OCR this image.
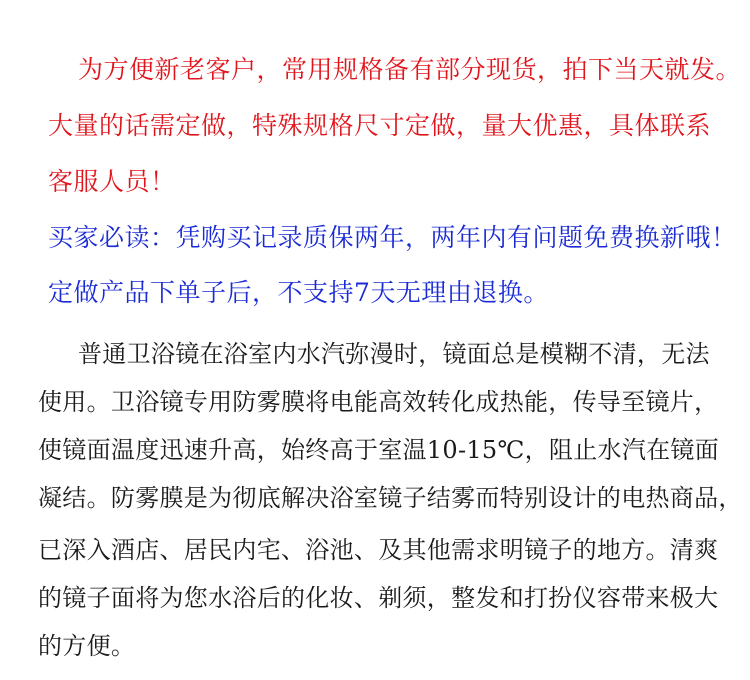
为方便新老客户，常用规格备有部分现货，拍下当天就发。
大量的话需定做，特殊规格尺寸定做，量大优惠，具体联系
客服人员！
买家必读：凭购买记录质保两年，两年内有问题免费换新哦！
定做产品下单子后，不支持7天无理由退换。
普通卫浴镜在浴室内水汽弥漫时，镜面总是模糊不清，无法
使用。卫浴镜专用防雾膜将电能高效转化成热能，传导至镜片，
使镜面温度迅速升高，始终高于室温10-15℃，阻止水汽在镜面
凝结。防雾膜是为彻底解决浴室镜子结雾而特别设计的电热商品，
已深入酒店、居民内宅、浴池、及其他需求明镜子的地方。清爽
的镜子面将为您水浴后的化妆、剃须，整发和打扮仪容带来极大
的方便。
